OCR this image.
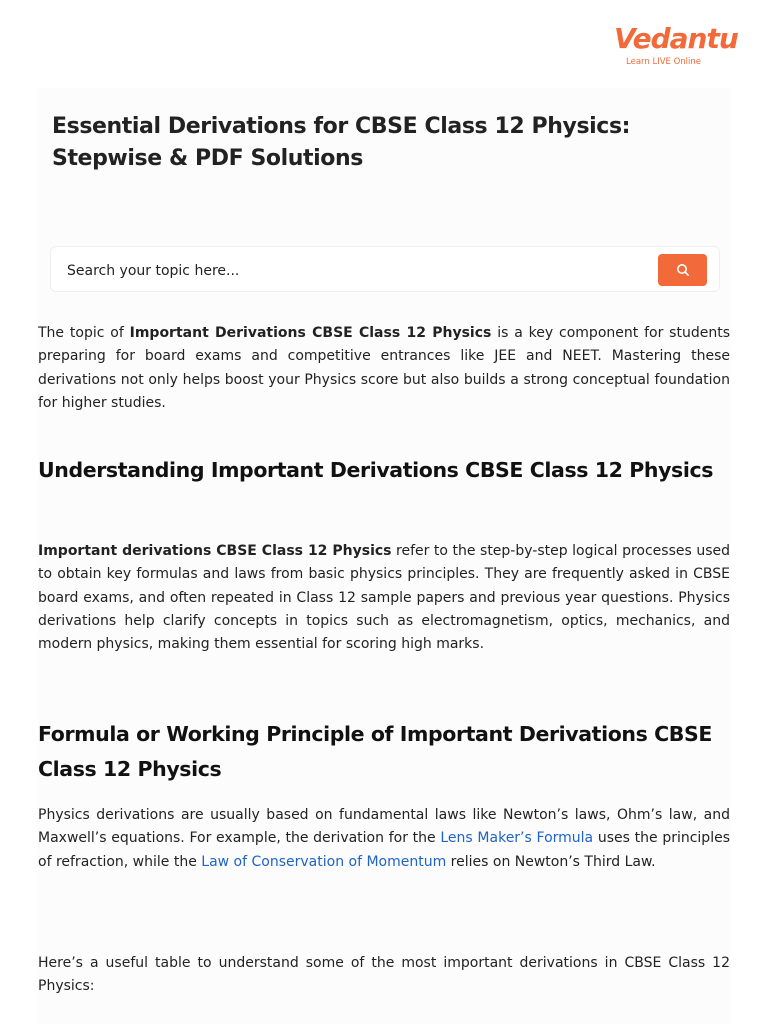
Vedantu
Learn LIVE Online
Essential Derivations for CBSE Class 12 Physics: Stepwise & PDF Solutions
Search your topic here...

The topic of Important Derivations CBSE Class 12 Physics is a key component for students preparing for board exams and competitive entrances like JEE and NEET. Mastering these derivations not only helps boost your Physics score but also builds a strong conceptual foundation for higher studies.

Understanding Important Derivations CBSE Class 12 Physics

Important derivations CBSE Class 12 Physics refer to the step-by-step logical processes used to obtain key formulas and laws from basic physics principles. They are frequently asked in CBSE board exams, and often repeated in Class 12 sample papers and previous year questions. Physics derivations help clarify concepts in topics such as electromagnetism, optics, mechanics, and modern physics, making them essential for scoring high marks.

Formula or Working Principle of Important Derivations CBSE Class 12 Physics

Physics derivations are usually based on fundamental laws like Newton’s laws, Ohm’s law, and Maxwell’s equations. For example, the derivation for the Lens Maker’s Formula uses the principles of refraction, while the Law of Conservation of Momentum relies on Newton’s Third Law.

Here’s a useful table to understand some of the most important derivations in CBSE Class 12 Physics:
